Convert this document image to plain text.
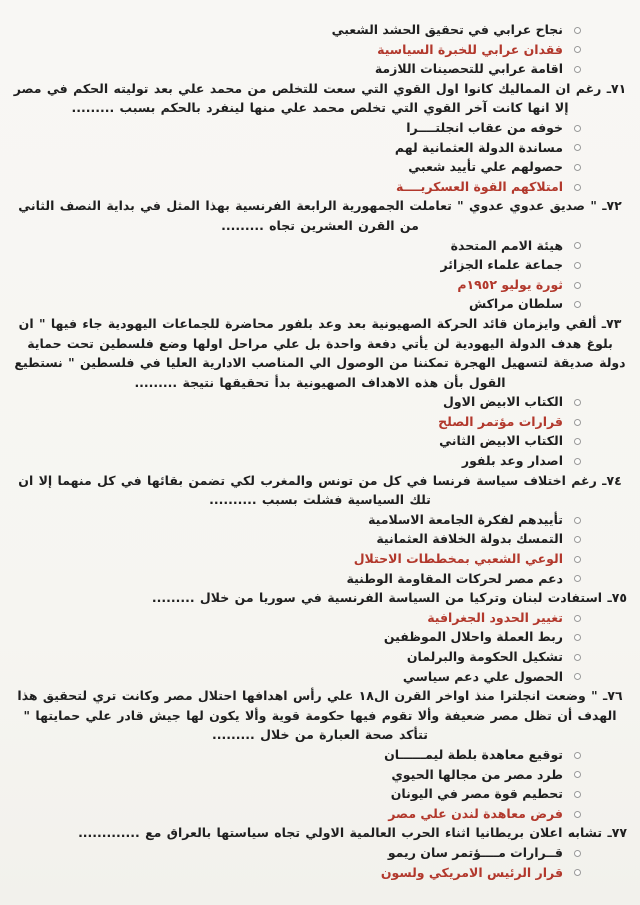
نجاح عرابي في تحقيق الحشد الشعبي
فقدان عرابي للخبرة السياسية
اقامة عرابي للتحصينات اللازمة

٧١ـ رغم ان المماليك كانوا اول القوي التي سعت للتخلص من محمد علي بعد توليته الحكم في مصر إلا انها كانت آخر القوي التي تخلص محمد علي منها لينفرد بالحكم بسبب .........

خوفه من عقاب انجلتــــرا
مساندة الدولة العثمانية لهم
حصولهم علي تأييد شعبي
امتلاكهم القوة العسكريــــة

٧٢ـ " صديق عدوي عدوي " تعاملت الجمهورية الرابعة الفرنسية بهذا المثل في بداية النصف الثاني من القرن العشرين تجاه .........

هيئة الامم المتحدة
جماعة علماء الجزائر
ثورة يوليو ١٩٥٢م
سلطان مراكش

٧٣ـ ألقي وايزمان قائد الحركة الصهيونية بعد وعد بلفور محاضرة للجماعات اليهودية جاء فيها " ان بلوغ هدف الدولة اليهودية لن يأتي دفعة واحدة بل علي مراحل اولها وضع فلسطين تحت حماية دولة صديقة لتسهيل الهجرة تمكننا من الوصول الي المناصب الادارية العليا في فلسطين " نستطيع القول بأن هذه الاهداف الصهيونية بدأ تحقيقها نتيجة .........

الكتاب الابيض الاول
قرارات مؤتمر الصلح
الكتاب الابيض الثاني
اصدار وعد بلفور

٧٤ـ رغم اختلاف سياسة فرنسا في كل من تونس والمغرب لكي تضمن بقائها في كل منهما إلا ان تلك السياسية فشلت بسبب ..........

تأييدهم لفكرة الجامعة الاسلامية
التمسك بدولة الخلافة العثمانية
الوعي الشعبي بمخططات الاحتلال
دعم مصر لحركات المقاومة الوطنية

٧٥ـ استفادت لبنان وتركيا من السياسة الفرنسية في سوريا من خلال .........

تغيير الحدود الجغرافية
ربط العملة واحلال الموظفين
تشكيل الحكومة والبرلمان
الحصول علي دعم سياسي

٧٦ـ " وضعت انجلترا منذ اواخر القرن ال١٨ علي رأس اهدافها احتلال مصر وكانت تري لتحقيق هذا الهدف أن تظل مصر ضعيفة وألا تقوم فيها حكومة قوية وألا يكون لها جيش قادر علي حمايتها " تتأكد صحة العبارة من خلال .........

توقيع معاهدة بلطة ليمــــــان
طرد مصر من مجالها الحيوي
تحطيم قوة مصر في اليونان
فرض معاهدة لندن علي مصر

٧٧ـ تشابه اعلان بريطانيا اثناء الحرب العالمية الاولي تجاه سياستها بالعراق مع .............

قــرارات مــــؤتمر سان ريمو
قرار الرئيس الامريكي ولسون
